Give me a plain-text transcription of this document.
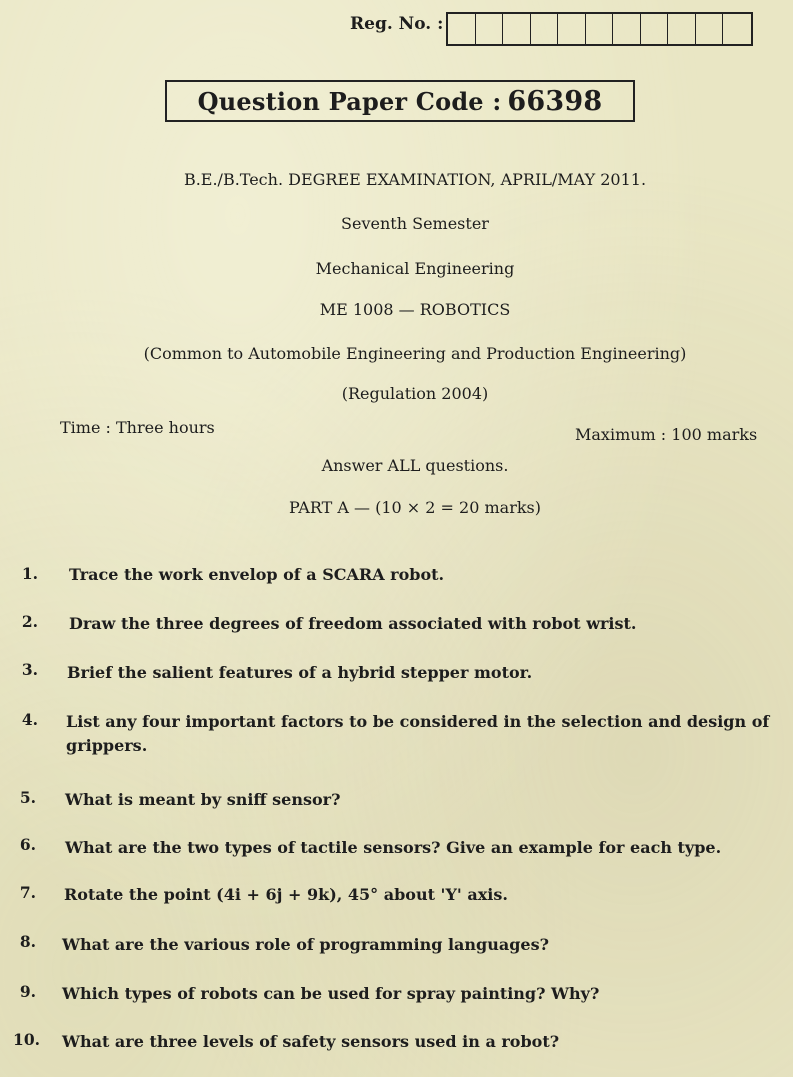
Reg. No. :
Question Paper Code : 66398
B.E./B.Tech. DEGREE EXAMINATION, APRIL/MAY 2011.
Seventh Semester
Mechanical Engineering
ME 1008 — ROBOTICS
(Common to Automobile Engineering and Production Engineering)
(Regulation 2004)
Time : Three hours	Maximum : 100 marks
Answer ALL questions.
PART A — (10 × 2 = 20 marks)
1. Trace the work envelop of a SCARA robot.
2. Draw the three degrees of freedom associated with robot wrist.
3. Brief the salient features of a hybrid stepper motor.
4. List any four important factors to be considered in the selection and design of
grippers.
5. What is meant by sniff sensor?
6. What are the two types of tactile sensors? Give an example for each type.
7. Rotate the point (4i + 6j + 9k), 45° about 'Y' axis.
8. What are the various role of programming languages?
9. Which types of robots can be used for spray painting? Why?
10. What are three levels of safety sensors used in a robot?
